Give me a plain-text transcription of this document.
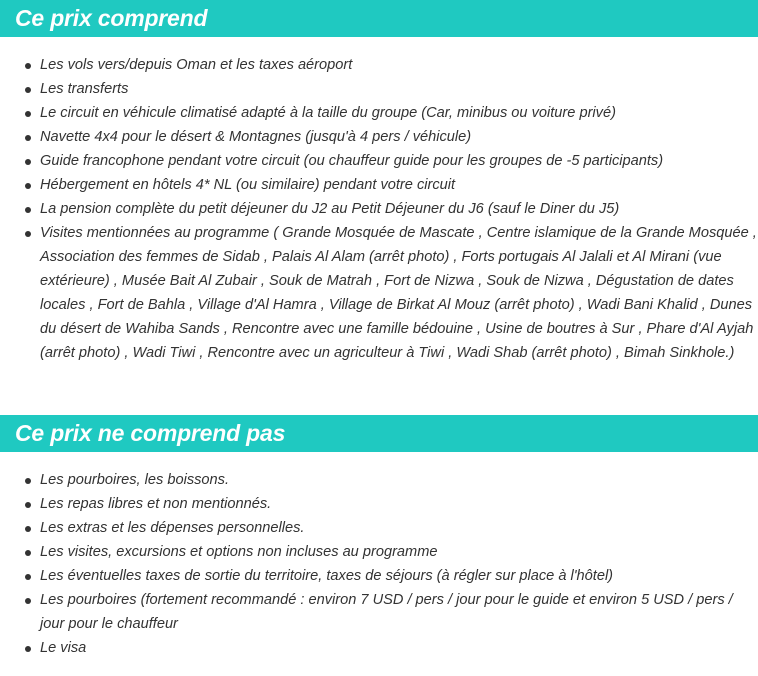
Ce prix comprend
Les vols vers/depuis Oman et les taxes aéroport
Les transferts
Le circuit en véhicule climatisé adapté à la taille du groupe (Car, minibus ou voiture privé)
Navette 4x4 pour le désert & Montagnes (jusqu'à 4 pers / véhicule)
Guide francophone pendant votre circuit (ou chauffeur guide pour les groupes de -5 participants)
Hébergement en hôtels 4* NL (ou similaire) pendant votre circuit
La pension complète du petit déjeuner du J2 au Petit Déjeuner du J6 (sauf le Diner du J5)
Visites mentionnées au programme ( Grande Mosquée de Mascate , Centre islamique de la Grande Mosquée , Association des femmes de Sidab , Palais Al Alam (arrêt photo) , Forts portugais Al Jalali et Al Mirani (vue extérieure) , Musée Bait Al Zubair , Souk de Matrah , Fort de Nizwa , Souk de Nizwa , Dégustation de dates locales , Fort de Bahla , Village d'Al Hamra , Village de Birkat Al Mouz (arrêt photo) , Wadi Bani Khalid , Dunes du désert de Wahiba Sands , Rencontre avec une famille bédouine , Usine de boutres à Sur , Phare d'Al Ayjah (arrêt photo) , Wadi Tiwi , Rencontre avec un agriculteur à Tiwi , Wadi Shab (arrêt photo) , Bimah Sinkhole.)
Ce prix ne comprend pas
Les pourboires, les boissons.
Les repas libres et non mentionnés.
Les extras et les dépenses personnelles.
Les visites, excursions et options non incluses au programme
Les éventuelles taxes de sortie du territoire, taxes de séjours (à régler sur place à l'hôtel)
Les pourboires (fortement recommandé : environ 7 USD / pers / jour pour le guide et environ 5 USD / pers / jour pour le chauffeur
Le visa
